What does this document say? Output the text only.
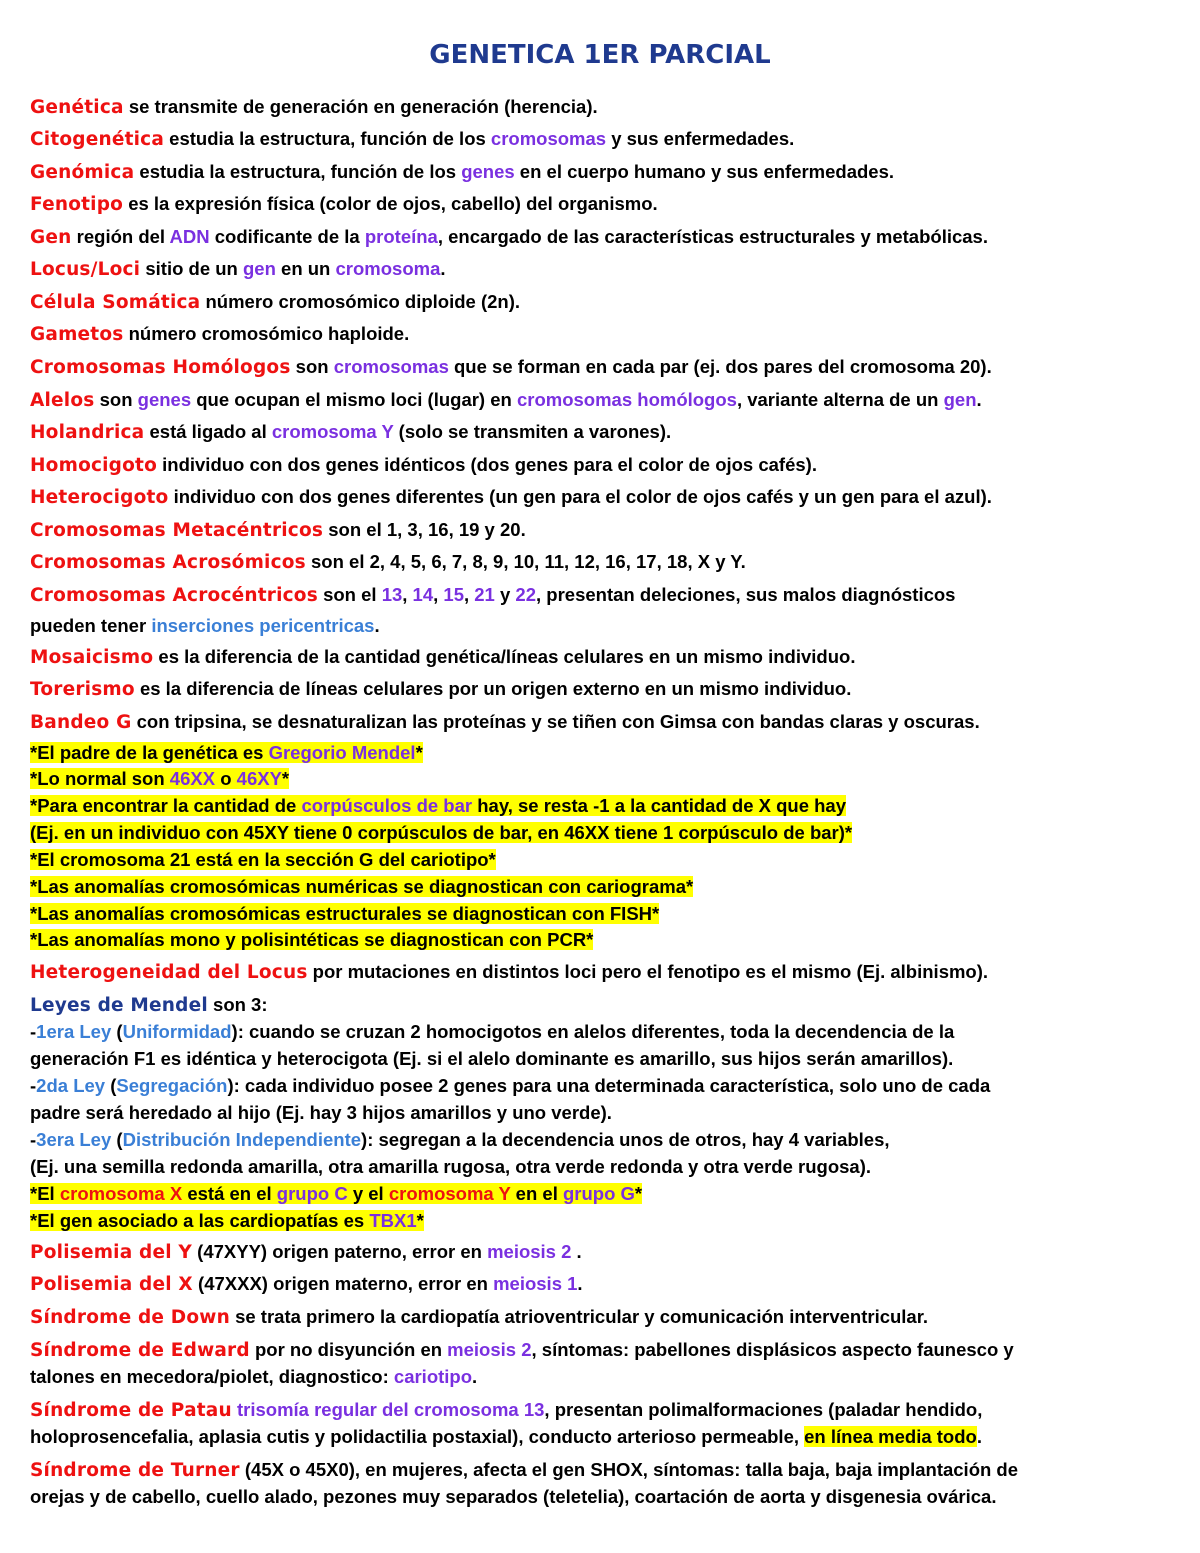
GENETICA 1ER PARCIAL
Genética se transmite de generación en generación (herencia).
Citogenética estudia la estructura, función de los cromosomas y sus enfermedades.
Genómica estudia la estructura, función de los genes en el cuerpo humano y sus enfermedades.
Fenotipo es la expresión física (color de ojos, cabello) del organismo.
Gen región del ADN codificante de la proteína, encargado de las características estructurales y metabólicas.
Locus/Loci sitio de un gen en un cromosoma.
Célula Somática número cromosómico diploide (2n).
Gametos número cromosómico haploide.
Cromosomas Homólogos son cromosomas que se forman en cada par (ej. dos pares del cromosoma 20).
Alelos son genes que ocupan el mismo loci (lugar) en cromosomas homólogos, variante alterna de un gen.
Holandrica está ligado al cromosoma Y (solo se transmiten a varones).
Homocigoto individuo con dos genes idénticos (dos genes para el color de ojos cafés).
Heterocigoto individuo con dos genes diferentes (un gen para el color de ojos cafés y un gen para el azul).
Cromosomas Metacéntricos son el 1, 3, 16, 19 y 20.
Cromosomas Acrosómicos son el 2, 4, 5, 6, 7, 8, 9, 10, 11, 12, 16, 17, 18, X y Y.
Cromosomas Acrocéntricos son el 13, 14, 15, 21 y 22, presentan deleciones, sus malos diagnósticos
pueden tener inserciones pericentricas.
Mosaicismo es la diferencia de la cantidad genética/líneas celulares en un mismo individuo.
Torerismo es la diferencia de líneas celulares por un origen externo en un mismo individuo.
Bandeo G con tripsina, se desnaturalizan las proteínas y se tiñen con Gimsa con bandas claras y oscuras.
*El padre de la genética es Gregorio Mendel*
*Lo normal son 46XX o 46XY*
*Para encontrar la cantidad de corpúsculos de bar hay, se resta -1 a la cantidad de X que hay
(Ej. en un individuo con 45XY tiene 0 corpúsculos de bar, en 46XX tiene 1 corpúsculo de bar)*
*El cromosoma 21 está en la sección G del cariotipo*
*Las anomalías cromosómicas numéricas se diagnostican con cariograma*
*Las anomalías cromosómicas estructurales se diagnostican con FISH*
*Las anomalías mono y polisintéticas se diagnostican con PCR*
Heterogeneidad del Locus por mutaciones en distintos loci pero el fenotipo es el mismo (Ej. albinismo).
Leyes de Mendel son 3:
-1era Ley (Uniformidad): cuando se cruzan 2 homocigotos en alelos diferentes, toda la decendencia de la
generación F1 es idéntica y heterocigota (Ej. si el alelo dominante es amarillo, sus hijos serán amarillos).
-2da Ley (Segregación): cada individuo posee 2 genes para una determinada característica, solo uno de cada
padre será heredado al hijo (Ej. hay 3 hijos amarillos y uno verde).
-3era Ley (Distribución Independiente): segregan a la decendencia unos de otros, hay 4 variables,
(Ej. una semilla redonda amarilla, otra amarilla rugosa, otra verde redonda y otra verde rugosa).
*El cromosoma X está en el grupo C y el cromosoma Y en el grupo G*
*El gen asociado a las cardiopatías es TBX1*
Polisemia del Y (47XYY) origen paterno, error en meiosis 2 .
Polisemia del X (47XXX) origen materno, error en meiosis 1.
Síndrome de Down se trata primero la cardiopatía atrioventricular y comunicación interventricular.
Síndrome de Edward por no disyunción en meiosis 2, síntomas: pabellones displásicos aspecto faunesco y
talones en mecedora/piolet, diagnostico: cariotipo.
Síndrome de Patau trisomía regular del cromosoma 13, presentan polimalformaciones (paladar hendido,
holoprosencefalia, aplasia cutis y polidactilia postaxial), conducto arterioso permeable, en línea media todo.
Síndrome de Turner (45X o 45X0), en mujeres, afecta el gen SHOX, síntomas: talla baja, baja implantación de
orejas y de cabello, cuello alado, pezones muy separados (teletelia), coartación de aorta y disgenesia ovárica.
